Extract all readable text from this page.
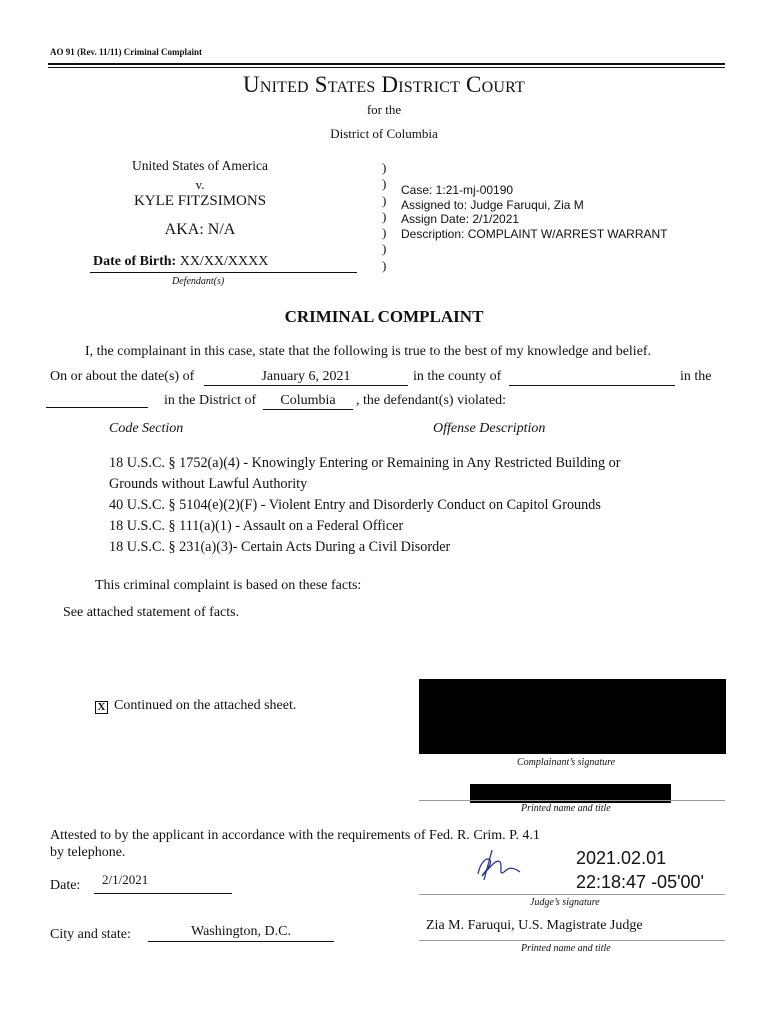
AO 91 (Rev. 11/11) Criminal Complaint
United States District Court
for the
District of Columbia
United States of America
v.
KYLE FITZSIMONS
AKA: N/A
Date of Birth: XX/XX/XXXX
Defendant(s)
)
)
)
)
)
)
)
Case: 1:21-mj-00190
Assigned to: Judge Faruqui, Zia M
Assign Date: 2/1/2021
Description: COMPLAINT W/ARREST WARRANT
CRIMINAL COMPLAINT
I, the complainant in this case, state that the following is true to the best of my knowledge and belief.
On or about the date(s) of	January 6, 2021	in the county of	in the
in the District of	Columbia	, the defendant(s) violated:
Code Section	Offense Description
18 U.S.C. § 1752(a)(4) - Knowingly Entering or Remaining in Any Restricted Building or
Grounds without Lawful Authority
40 U.S.C. § 5104(e)(2)(F) - Violent Entry and Disorderly Conduct on Capitol Grounds
18 U.S.C. § 111(a)(1) - Assault on a Federal Officer
18 U.S.C. § 231(a)(3)- Certain Acts During a Civil Disorder
This criminal complaint is based on these facts:
See attached statement of facts.
X Continued on the attached sheet.
Complainant’s signature
Printed name and title
Attested to by the applicant in accordance with the requirements of Fed. R. Crim. P. 4.1
by telephone.
Date: 2/1/2021
2021.02.01
22:18:47 -05'00'
Judge’s signature
City and state:	Washington, D.C.	Zia M. Faruqui, U.S. Magistrate Judge
Printed name and title
